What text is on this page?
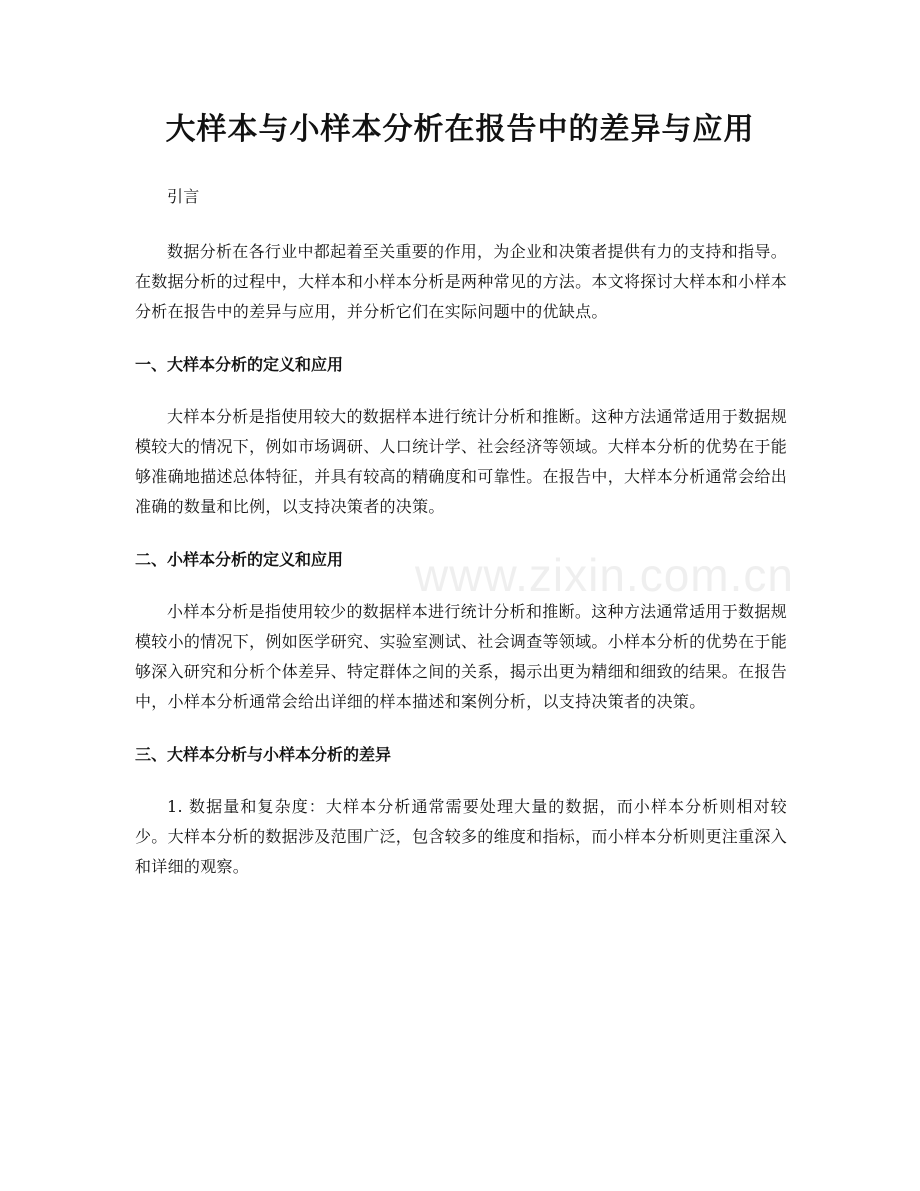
大样本与小样本分析在报告中的差异与应用

引言

数据分析在各行业中都起着至关重要的作用，为企业和决策者提供有力的支持和指导。在数据分析的过程中，大样本和小样本分析是两种常见的方法。本文将探讨大样本和小样本分析在报告中的差异与应用，并分析它们在实际问题中的优缺点。

一、大样本分析的定义和应用

大样本分析是指使用较大的数据样本进行统计分析和推断。这种方法通常适用于数据规模较大的情况下，例如市场调研、人口统计学、社会经济等领域。大样本分析的优势在于能够准确地描述总体特征，并具有较高的精确度和可靠性。在报告中，大样本分析通常会给出准确的数量和比例，以支持决策者的决策。

二、小样本分析的定义和应用

小样本分析是指使用较少的数据样本进行统计分析和推断。这种方法通常适用于数据规模较小的情况下，例如医学研究、实验室测试、社会调查等领域。小样本分析的优势在于能够深入研究和分析个体差异、特定群体之间的关系，揭示出更为精细和细致的结果。在报告中，小样本分析通常会给出详细的样本描述和案例分析，以支持决策者的决策。

三、大样本分析与小样本分析的差异

1. 数据量和复杂度：大样本分析通常需要处理大量的数据，而小样本分析则相对较少。大样本分析的数据涉及范围广泛，包含较多的维度和指标，而小样本分析则更注重深入和详细的观察。

www.zixin.com.cn
